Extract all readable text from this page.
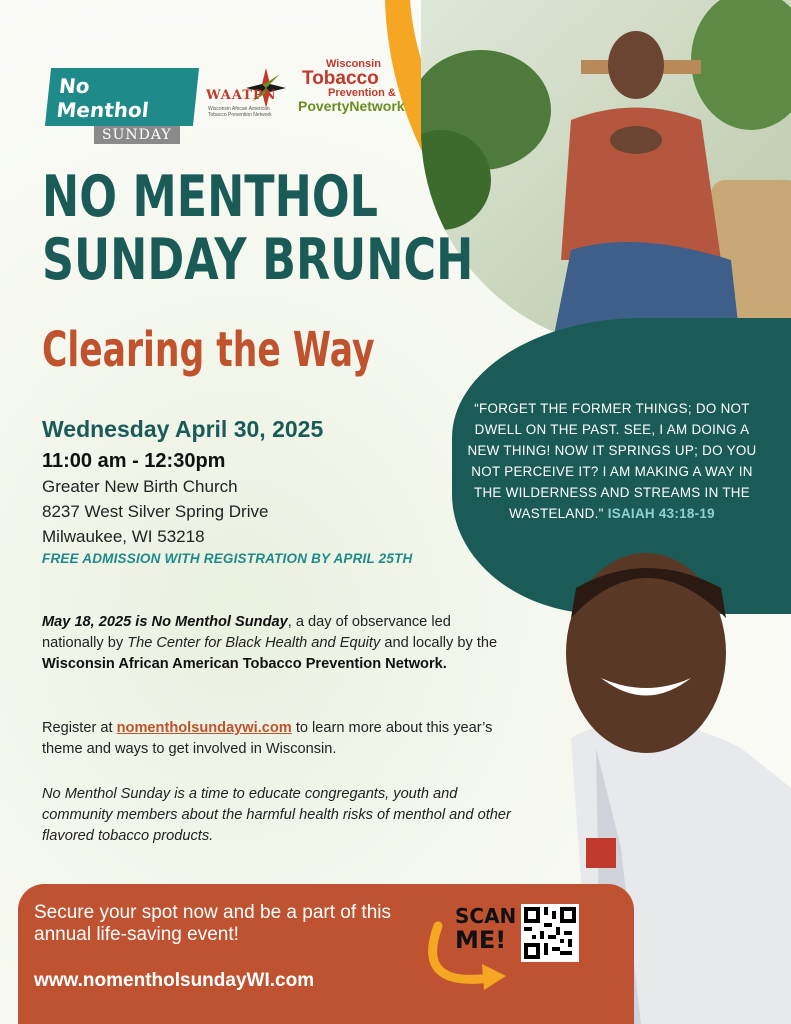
“FORGET THE FORMER THINGS; DO NOT DWELL ON THE PAST. SEE, I AM DOING A NEW THING! NOW IT SPRINGS UP; DO YOU NOT PERCEIVE IT? I AM MAKING A WAY IN THE WILDERNESS AND STREAMS IN THE WASTELAND." ISAIAH 43:18-19
No Menthol
SUNDAY
WAATPN
Wisconsin African American Tobacco Prevention Network
Wisconsin
Tobacco
Prevention &
PovertyNetwork
NO MENTHOL
SUNDAY BRUNCH
Clearing the Way
Wednesday April 30, 2025
11:00 am - 12:30pm
Greater New Birth Church
8237 West Silver Spring Drive
Milwaukee, WI 53218
FREE ADMISSION WITH REGISTRATION BY APRIL 25TH
May 18, 2025 is No Menthol Sunday, a day of observance led nationally by The Center for Black Health and Equity and locally by the Wisconsin African American Tobacco Prevention Network.
Register at nomentholsundaywi.com to learn more about this year’s theme and ways to get involved in Wisconsin.
No Menthol Sunday is a time to educate congregants, youth and community members about the harmful health risks of menthol and other flavored tobacco products.
Secure your spot now and be a part of this annual life-saving event!
www.nomentholsundayWI.com
SCAN
ME!
